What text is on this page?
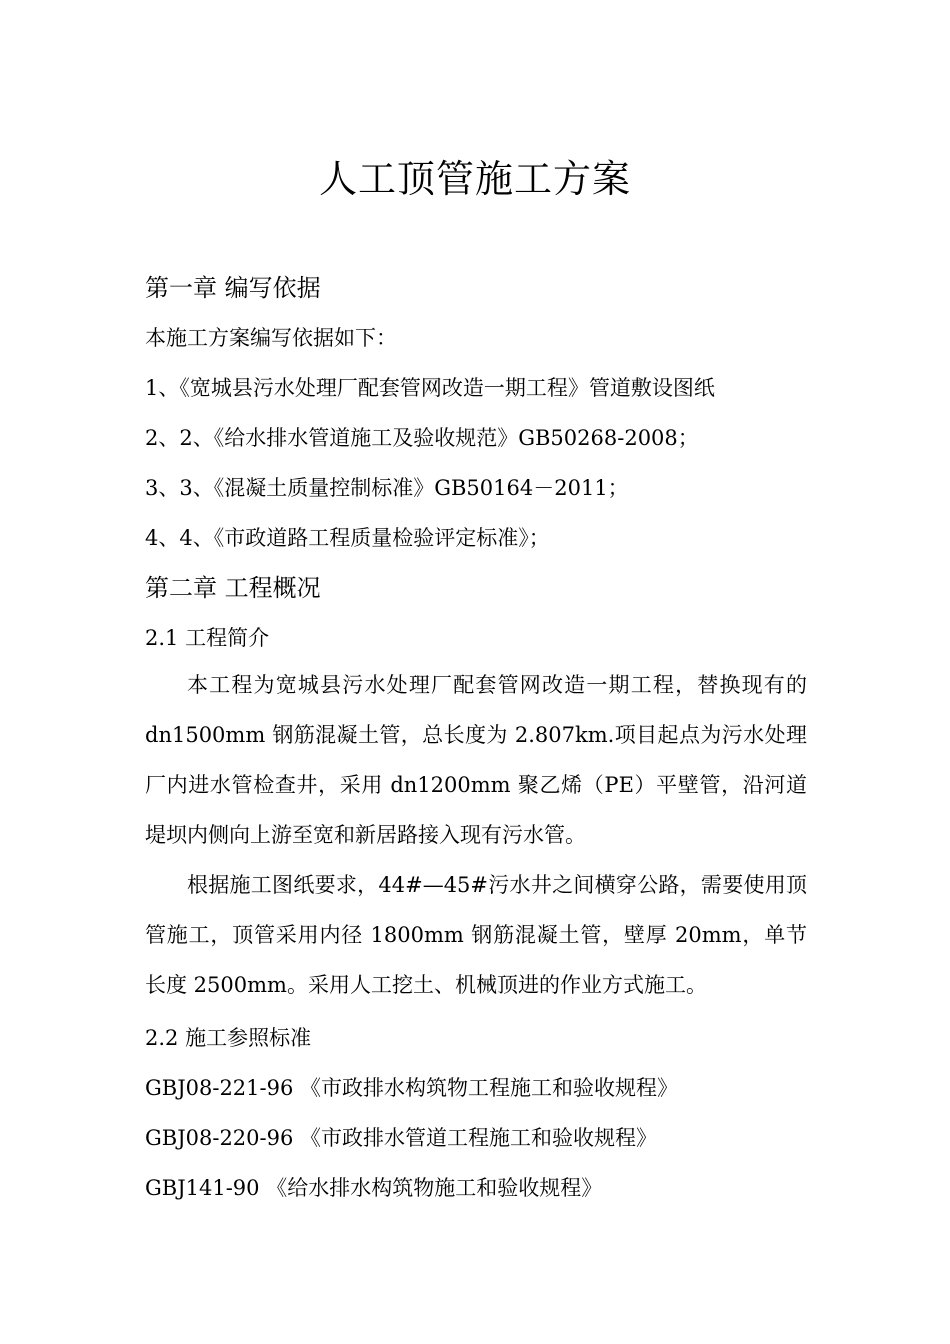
人工顶管施工方案
第一章 编写依据
本施工方案编写依据如下：
1、《宽城县污水处理厂配套管网改造一期工程》管道敷设图纸
2、2、《给水排水管道施工及验收规范》GB50268-2008；
3、3、《混凝土质量控制标准》GB50164－2011；
4、4、《市政道路工程质量检验评定标准》；
第二章 工程概况
2.1 工程简介
本工程为宽城县污水处理厂配套管网改造一期工程，替换现有的dn1500mm 钢筋混凝土管，总长度为 2.807km.项目起点为污水处理厂内进水管检查井，采用 dn1200mm 聚乙烯（PE）平壁管，沿河道堤坝内侧向上游至宽和新居路接入现有污水管。
根据施工图纸要求，44#—45#污水井之间横穿公路，需要使用顶管施工，顶管采用内径 1800mm 钢筋混凝土管，壁厚 20mm，单节长度 2500mm。采用人工挖土、机械顶进的作业方式施工。
2.2 施工参照标准
GBJ08-221-96 《市政排水构筑物工程施工和验收规程》
GBJ08-220-96 《市政排水管道工程施工和验收规程》
GBJ141-90 《给水排水构筑物施工和验收规程》
